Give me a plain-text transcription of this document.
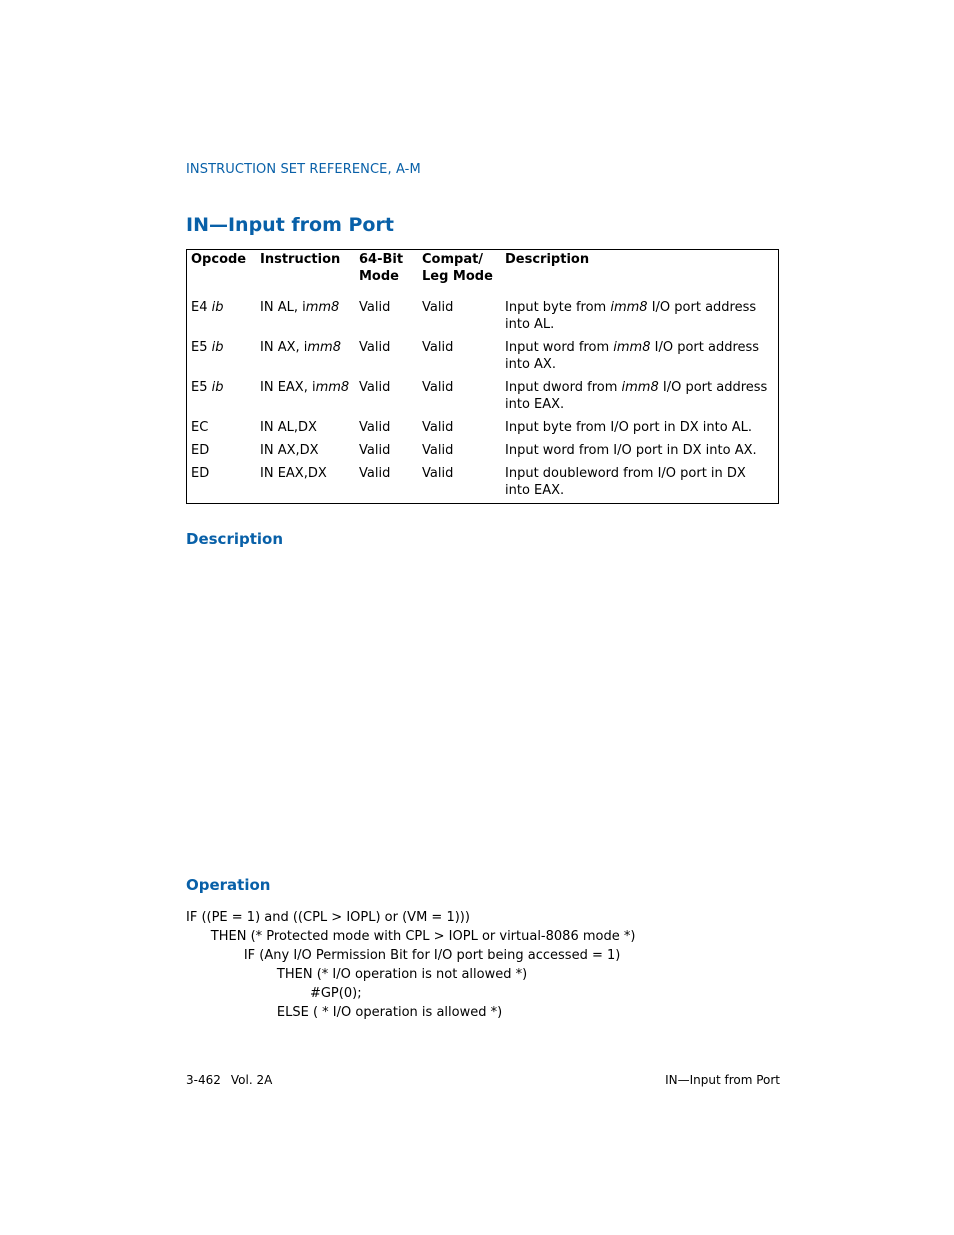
INSTRUCTION SET REFERENCE, A-M
IN—Input from Port
Opcode	Instruction	64-Bit Mode	Compat/ Leg Mode	Description
E4 ib	IN AL, imm8	Valid	Valid	Input byte from imm8 I/O port address into AL.
E5 ib	IN AX, imm8	Valid	Valid	Input word from imm8 I/O port address into AX.
E5 ib	IN EAX, imm8	Valid	Valid	Input dword from imm8 I/O port address into EAX.
EC	IN AL,DX	Valid	Valid	Input byte from I/O port in DX into AL.
ED	IN AX,DX	Valid	Valid	Input word from I/O port in DX into AX.
ED	IN EAX,DX	Valid	Valid	Input doubleword from I/O port in DX into EAX.
Description
Operation
IF ((PE = 1) and ((CPL > IOPL) or (VM = 1)))
THEN (* Protected mode with CPL > IOPL or virtual-8086 mode *)
IF (Any I/O Permission Bit for I/O port being accessed = 1)
THEN (* I/O operation is not allowed *)
#GP(0);
ELSE ( * I/O operation is allowed *)
3-462 Vol. 2A	IN—Input from Port
